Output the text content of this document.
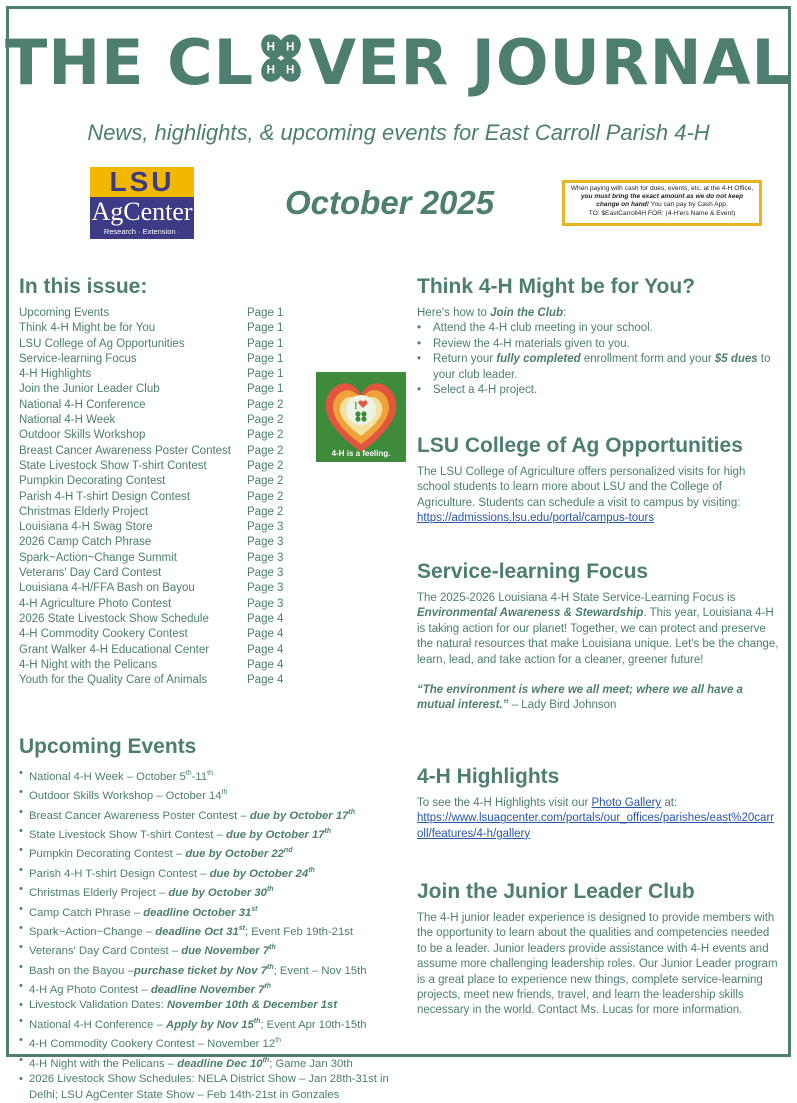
THE CL H H
H H VER JOURNAL
News, highlights, & upcoming events for East Carroll Parish 4-H
LSU
AgCenter
Research · Extension · Teaching
October 2025	When paying with cash for dues, events, etc. at the 4-H Office, you must bring the exact amount as we do not keep change on hand! You can pay by Cash App.
TO: $EastCarroll4H FOR: (4-H'ers Name & Event)
In this issue:
Upcoming Events	Page 1
Think 4-H Might be for You	Page 1
LSU College of Ag Opportunities	Page 1
Service-learning Focus	Page 1
4-H Highlights	Page 1
Join the Junior Leader Club	Page 1
National 4-H Conference	Page 2
National 4-H Week	Page 2
Outdoor Skills Workshop	Page 2
Breast Cancer Awareness Poster Contest Page 2
State Livestock Show T-shirt Contest	Page 2
Pumpkin Decorating Contest	Page 2
Parish 4-H T-shirt Design Contest	Page 2
Christmas Elderly Project	Page 2
Louisiana 4-H Swag Store	Page 3
2026 Camp Catch Phrase	Page 3
Spark~Action~Change Summit	Page 3
Veterans' Day Card Contest	Page 3
Louisiana 4-H/FFA Bash on Bayou	Page 3
4-H Agriculture Photo Contest	Page 3
2026 State Livestock Show Schedule	Page 4
4-H Commodity Cookery Contest	Page 4
Grant Walker 4-H Educational Center	Page 4
4-H Night with the Pelicans	Page 4
Youth for the Quality Care of Animals	Page 4
Upcoming Events
• National 4-H Week – October 5th-11th
• Outdoor Skills Workshop – October 14th
• Breast Cancer Awareness Poster Contest – due by October 17th
• State Livestock Show T-shirt Contest – due by October 17th
• Pumpkin Decorating Contest – due by October 22nd
• Parish 4-H T-shirt Design Contest – due by October 24th
• Christmas Elderly Project – due by October 30th
• Camp Catch Phrase – deadline October 31st
• Spark~Action~Change – deadline Oct 31st; Event Feb 19th-21st
• Veterans' Day Card Contest – due November 7th
• Bash on the Bayou –purchase ticket by Nov 7th; Event – Nov 15th
• 4-H Ag Photo Contest – deadline November 7th
• Livestock Validation Dates: November 10th & December 1st
• National 4-H Conference – Apply by Nov 15th; Event Apr 10th-15th
• 4-H Commodity Cookery Contest – November 12th
• 4-H Night with the Pelicans – deadline Dec 10th; Game Jan 30th
• 2026 Livestock Show Schedules: NELA District Show – Jan 28th-31st in Delhi; LSU AgCenter State Show – Feb 14th-21st in Gonzales
I
4-H is a feeling.
Think 4-H Might be for You?
Here's how to Join the Club:
• Attend the 4-H club meeting in your school.
• Review the 4-H materials given to you.
• Return your fully completed enrollment form and your $5 dues to your club leader.
• Select a 4-H project.
LSU College of Ag Opportunities
The LSU College of Agriculture offers personalized visits for high school students to learn more about LSU and the College of Agriculture. Students can schedule a visit to campus by visiting:
https://admissions.lsu.edu/portal/campus-tours
Service-learning Focus
The 2025-2026 Louisiana 4-H State Service-Learning Focus is Environmental Awareness & Stewardship. This year, Louisiana 4-H is taking action for our planet! Together, we can protect and preserve the natural resources that make Louisiana unique. Let's be the change, learn, lead, and take action for a cleaner, greener future!
“The environment is where we all meet; where we all have a mutual interest.” – Lady Bird Johnson
4-H Highlights
To see the 4-H Highlights visit our Photo Gallery at:
https://www.lsuagcenter.com/portals/our_offices/parishes/east%20carroll/features/4-h/gallery
Join the Junior Leader Club
The 4-H junior leader experience is designed to provide members with the opportunity to learn about the qualities and competencies needed to be a leader. Junior leaders provide assistance with 4-H events and assume more challenging leadership roles. Our Junior Leader program is a great place to experience new things, complete service-learning projects, meet new friends, travel, and learn the leadership skills necessary in the world. Contact Ms. Lucas for more information.
